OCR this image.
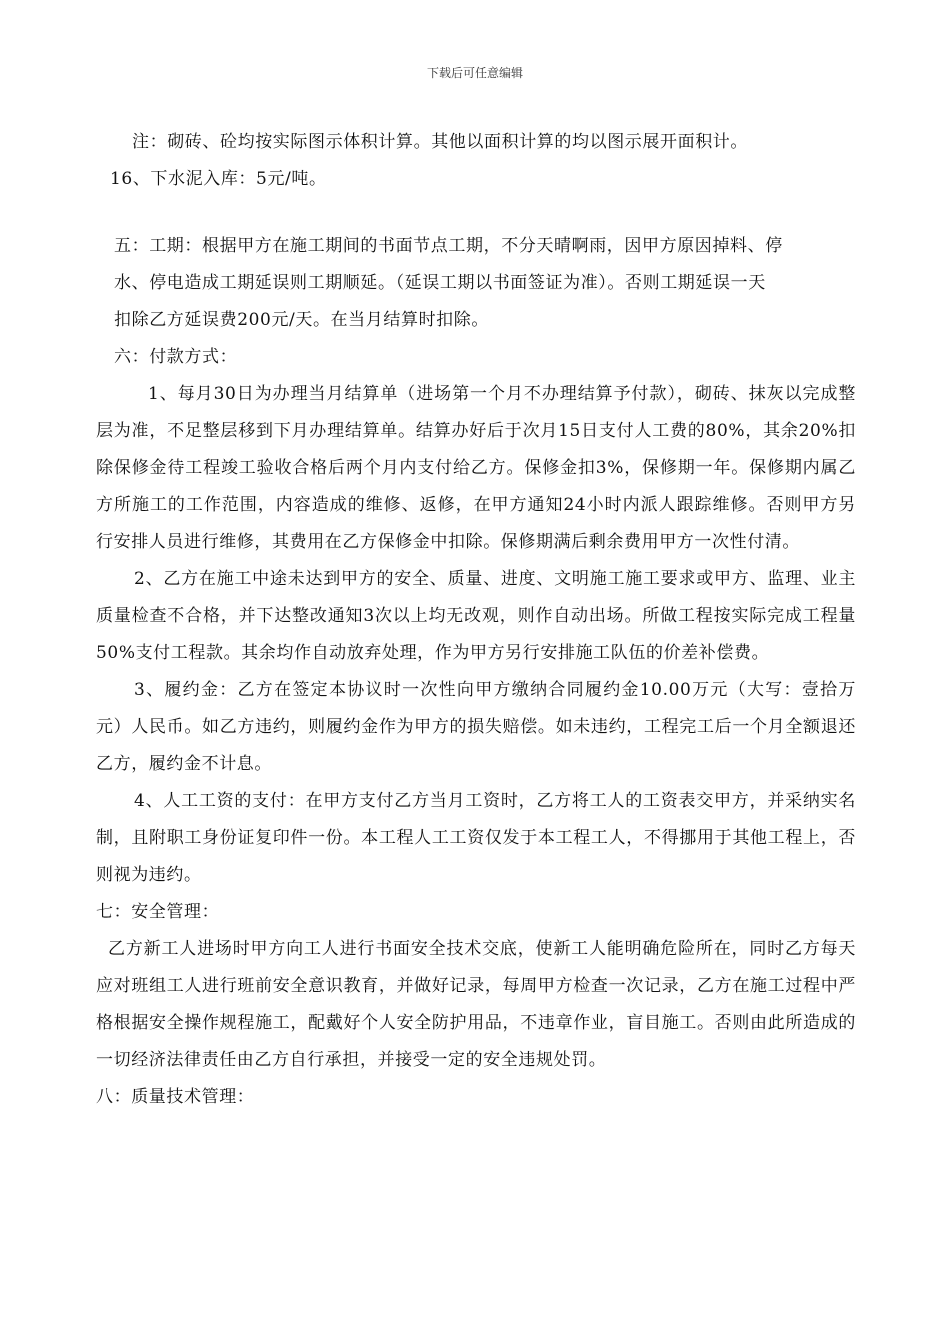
下载后可任意编辑
注：砌砖、砼均按实际图示体积计算。其他以面积计算的均以图示展开面积计。
16、下水泥入库：5元/吨。
五：工期：根据甲方在施工期间的书面节点工期，不分天晴啊雨，因甲方原因掉料、停
水、停电造成工期延误则工期顺延。（延误工期以书面签证为准）。否则工期延误一天
扣除乙方延误费200元/天。在当月结算时扣除。
六：付款方式：
1、每月30日为办理当月结算单（进场第一个月不办理结算予付款），砌砖、抹灰以完成整层为准，不足整层移到下月办理结算单。结算办好后于次月15日支付人工费的80%，其余20%扣除保修金待工程竣工验收合格后两个月内支付给乙方。保修金扣3%，保修期一年。保修期内属乙方所施工的工作范围，内容造成的维修、返修，在甲方通知24小时内派人跟踪维修。否则甲方另行安排人员进行维修，其费用在乙方保修金中扣除。保修期满后剩余费用甲方一次性付清。
2、乙方在施工中途未达到甲方的安全、质量、进度、文明施工施工要求或甲方、监理、业主质量检查不合格，并下达整改通知3次以上均无改观，则作自动出场。所做工程按实际完成工程量50%支付工程款。其余均作自动放弃处理，作为甲方另行安排施工队伍的价差补偿费。
3、履约金：乙方在签定本协议时一次性向甲方缴纳合同履约金10.00万元（大写：壹拾万元）人民币。如乙方违约，则履约金作为甲方的损失赔偿。如未违约，工程完工后一个月全额退还乙方，履约金不计息。
4、人工工资的支付：在甲方支付乙方当月工资时，乙方将工人的工资表交甲方，并采纳实名制，且附职工身份证复印件一份。本工程人工工资仅发于本工程工人，不得挪用于其他工程上，否则视为违约。
七：安全管理：
乙方新工人进场时甲方向工人进行书面安全技术交底，使新工人能明确危险所在，同时乙方每天应对班组工人进行班前安全意识教育，并做好记录，每周甲方检查一次记录，乙方在施工过程中严格根据安全操作规程施工，配戴好个人安全防护用品，不违章作业，盲目施工。否则由此所造成的一切经济法律责任由乙方自行承担，并接受一定的安全违规处罚。
八：质量技术管理：
